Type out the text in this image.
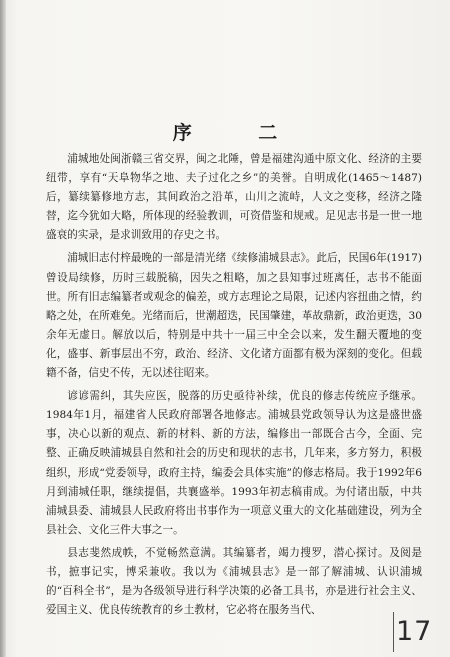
序 二

浦城地处闽浙赣三省交界，闽之北陲，曾是福建沟通中原文化、经济的主要纽带，享有“天阜物华之地、夫子过化之乡”的美誉。自明成化(1465～1487)后，纂续纂修地方志，其间政治之沿革，山川之流峙，人文之变移，经济之隆替，迄今犹如大略，所体现的经验教训，可资借鉴和规戒。足见志书是一世一地盛衰的实录，是求训致用的存史之书。

浦城旧志付梓最晚的一部是清光绪《续修浦城县志》。此后，民国6年(1917)曾设局续修，历时三载脱稿，因失之粗略，加之县知事过班离任，志书不能面世。所有旧志编纂者或观念的偏差，或方志理论之局限，记述内容扭曲之情，约略之处，在所难免。光绪而后，世潮超迭，民国肇建，革故鼎新，政治更迭，30余年无虚日。解放以后，特别是中共十一届三中全会以来，发生翻天覆地的变化，盛事、新事层出不穷，政治、经济、文化诸方面都有极为深刻的变化。但载籍不备，信史不传，无以述往昭来。

谚谚需纠，其失应医，脱落的历史亟待补续，优良的修志传统应予继承。1984年1月，福建省人民政府部署各地修志。浦城县党政领导认为这是盛世盛事，决心以新的观点、新的材料、新的方法，编修出一部既合古今，全面、完整、正确反映浦城县自然和社会的历史和现状的志书，几年来，多方努力，积极组织，形成“党委领导，政府主持，编委会具体实施”的修志格局。我于1992年6月到浦城任职，继续提倡，共襄盛举。1993年初志稿甫成。为付诸出版，中共浦城县委、浦城县人民政府将出书事作为一项意义重大的文化基础建设，列为全县社会、文化三件大事之一。

县志斐然成帙，不觉畅然意满。其编纂者，竭力搜罗，潜心探讨。及阅是书，摭事记实，博采兼收。我以为《浦城县志》是一部了解浦城、认识浦城的“百科全书”，是为各级领导进行科学决策的必备工具书，亦是进行社会主义、爱国主义、优良传统教育的乡土教材，它必将在服务当代、

17
